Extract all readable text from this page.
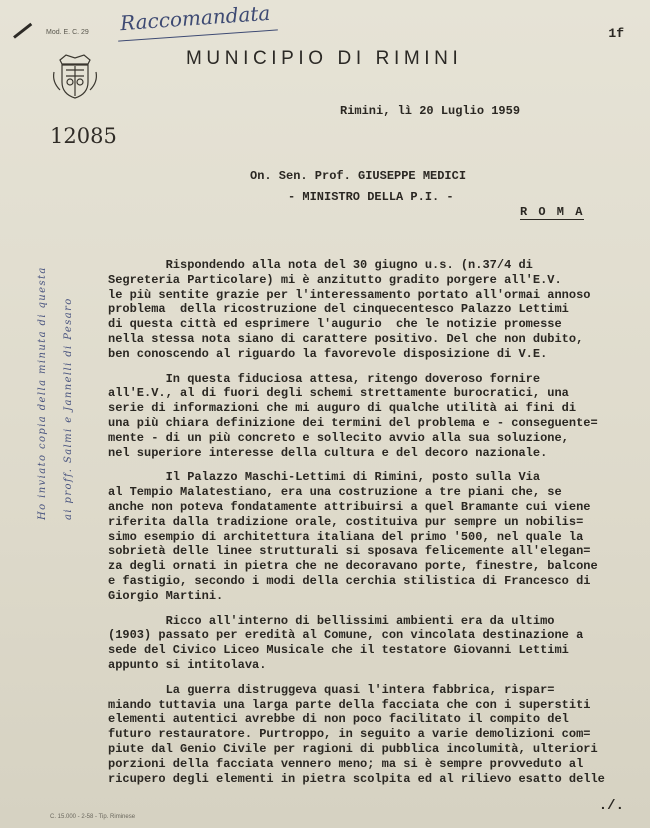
Mod. E. C. 29 Raccomandata	1f
MUNICIPIO DI RIMINI
Rimini, lì 20 Luglio 1959
12085
On. Sen. Prof. GIUSEPPE MEDICI
- MINISTRO DELLA P.I. -
R O M A
Ho inviato copia della minuta di questa	ai proff. Salmi e Jannelli di Pesaro
Rispondendo alla nota del 30 giugno u.s. (n.37/4 di
Segreteria Particolare) mi è anzitutto gradito porgere all'E.V.
le più sentite grazie per l'interessamento portato all'ormai annoso
problema  della ricostruzione del cinquecentesco Palazzo Lettimi
di questa città ed esprimere l'augurio  che le notizie promesse
nella stessa nota siano di carattere positivo. Del che non dubito,
ben conoscendo al riguardo la favorevole disposizione di V.E.
In questa fiduciosa attesa, ritengo doveroso fornire
all'E.V., al di fuori degli schemi strettamente burocratici, una
serie di informazioni che mi auguro di qualche utilità ai fini di
una più chiara definizione dei termini del problema e - conseguente=
mente - di un più concreto e sollecito avvio alla sua soluzione,
nel superiore interesse della cultura e del decoro nazionale.
Il Palazzo Maschi-Lettimi di Rimini, posto sulla Via
al Tempio Malatestiano, era una costruzione a tre piani che, se
anche non poteva fondatamente attribuirsi a quel Bramante cui viene
riferita dalla tradizione orale, costituiva pur sempre un nobilis=
simo esempio di architettura italiana del primo '500, nel quale la
sobrietà delle linee strutturali si sposava felicemente all'elegan=
za degli ornati in pietra che ne decoravano porte, finestre, balcone
e fastigio, secondo i modi della cerchia stilistica di Francesco di
Giorgio Martini.
Ricco all'interno di bellissimi ambienti era da ultimo
(1903) passato per eredità al Comune, con vincolata destinazione a
sede del Civico Liceo Musicale che il testatore Giovanni Lettimi
appunto si intitolava.
La guerra distruggeva quasi l'intera fabbrica, rispar=
miando tuttavia una larga parte della facciata che con i superstiti
elementi autentici avrebbe di non poco facilitato il compito del
futuro restauratore. Purtroppo, in seguito a varie demolizioni com=
piute dal Genio Civile per ragioni di pubblica incolumità, ulteriori
porzioni della facciata vennero meno; ma si è sempre provveduto al
ricupero degli elementi in pietra scolpita ed al rilievo esatto delle
C. 15.000 - 2-58 - Tip. Riminese
./.
